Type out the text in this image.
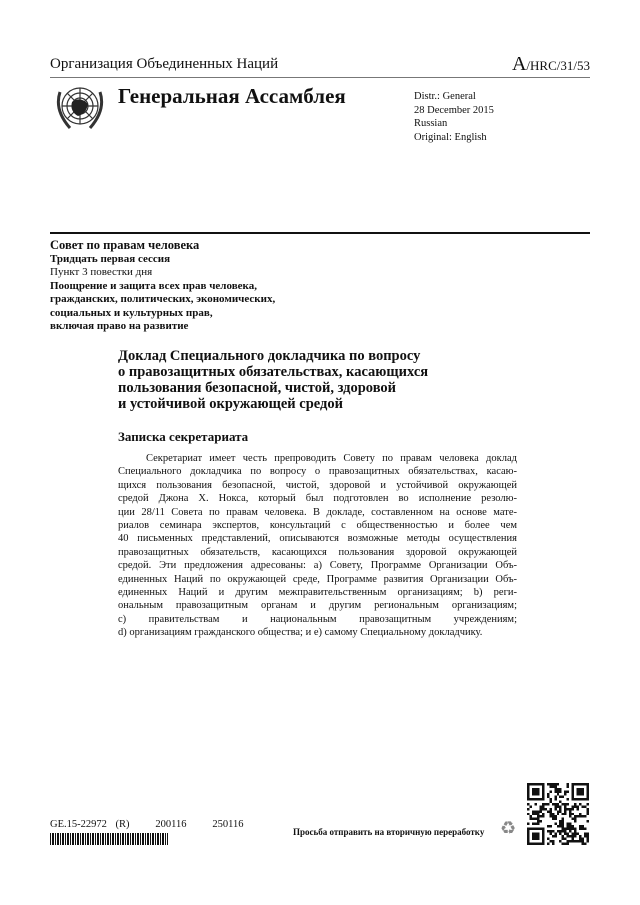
Организация Объединенных Наций	A/HRC/31/53
Генеральная Ассамблея	Distr.: General
28 December 2015
Russian
Original: English
Совет по правам человека
Тридцать первая сессия
Пункт 3 повестки дня
Поощрение и защита всех прав человека,
гражданских, политических, экономических,
социальных и культурных прав,
включая право на развитие
Доклад Специального докладчика по вопросу
о правозащитных обязательствах, касающихся
пользования безопасной, чистой, здоровой
и устойчивой окружающей средой
Записка секретариата
Секретариат имеет честь препроводить Совету по правам человека доклад
Специального докладчика по вопросу о правозащитных обязательствах, касаю-
щихся пользования безопасной, чистой, здоровой и устойчивой окружающей
средой Джона Х. Нокса, который был подготовлен во исполнение резолю-
ции 28/11 Совета по правам человека. В докладе, составленном на основе мате-
риалов семинара экспертов, консультаций с общественностью и более чем
40 письменных представлений, описываются возможные методы осуществления
правозащитных обязательств, касающихся пользования здоровой окружающей
средой. Эти предложения адресованы: a) Совету, Программе Организации Объ-
единенных Наций по окружающей среде, Программе развития Организации Объ-
единенных Наций и другим межправительственным организациям; b) реги-
ональным правозащитным органам и другим региональным организациям;
c) правительствам и национальным правозащитным учреждениям;
d) организациям гражданского общества; и e) самому Специальному докладчику.
GE.15-22972 (R)   200116   250116
Просьба отправить на вторичную переработку ♻
